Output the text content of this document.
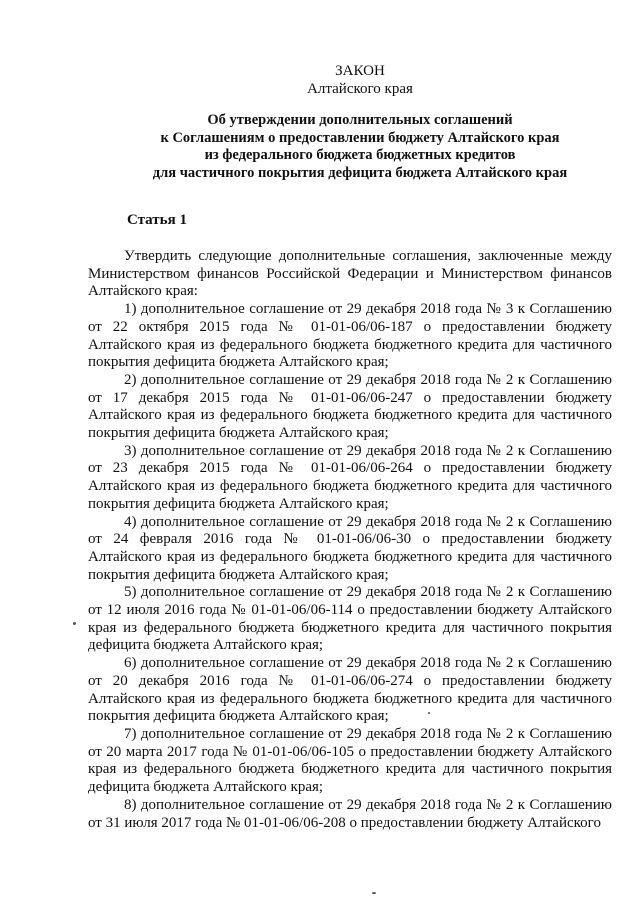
ЗАКОН
Алтайского края
Об утверждении дополнительных соглашений
к Соглашениям о предоставлении бюджету Алтайского края
из федерального бюджета бюджетных кредитов
для частичного покрытия дефицита бюджета Алтайского края
Статья 1

Утвердить следующие дополнительные соглашения, заключенные между Министерством финансов Российской Федерации и Министерством финансов Алтайского края:

1) дополнительное соглашение от 29 декабря 2018 года № 3 к Соглашению от 22 октября 2015 года № 01-01-06/06-187 о предоставлении бюджету Алтайского края из федерального бюджета бюджетного кредита для частичного покрытия дефицита бюджета Алтайского края;

2) дополнительное соглашение от 29 декабря 2018 года № 2 к Соглашению от 17 декабря 2015 года № 01-01-06/06-247 о предоставлении бюджету Алтайского края из федерального бюджета бюджетного кредита для частичного покрытия дефицита бюджета Алтайского края;

3) дополнительное соглашение от 29 декабря 2018 года № 2 к Соглашению от 23 декабря 2015 года № 01-01-06/06-264 о предоставлении бюджету Алтайского края из федерального бюджета бюджетного кредита для частичного покрытия дефицита бюджета Алтайского края;

4) дополнительное соглашение от 29 декабря 2018 года № 2 к Соглашению от 24 февраля 2016 года № 01-01-06/06-30 о предоставлении бюджету Алтайского края из федерального бюджета бюджетного кредита для частичного покрытия дефицита бюджета Алтайского края;

5) дополнительное соглашение от 29 декабря 2018 года № 2 к Соглашению от 12 июля 2016 года № 01-01-06/06-114 о предоставлении бюджету Алтайского края из федерального бюджета бюджетного кредита для частичного покрытия дефицита бюджета Алтайского края;

6) дополнительное соглашение от 29 декабря 2018 года № 2 к Соглашению от 20 декабря 2016 года № 01-01-06/06-274 о предоставлении бюджету Алтайского края из федерального бюджета бюджетного кредита для частичного покрытия дефицита бюджета Алтайского края;

7) дополнительное соглашение от 29 декабря 2018 года № 2 к Соглашению от 20 марта 2017 года № 01-01-06/06-105 о предоставлении бюджету Алтайского края из федерального бюджета бюджетного кредита для частичного покрытия дефицита бюджета Алтайского края;

8) дополнительное соглашение от 29 декабря 2018 года № 2 к Соглашению от 31 июля 2017 года № 01-01-06/06-208 о предоставлении бюджету Алтайского
